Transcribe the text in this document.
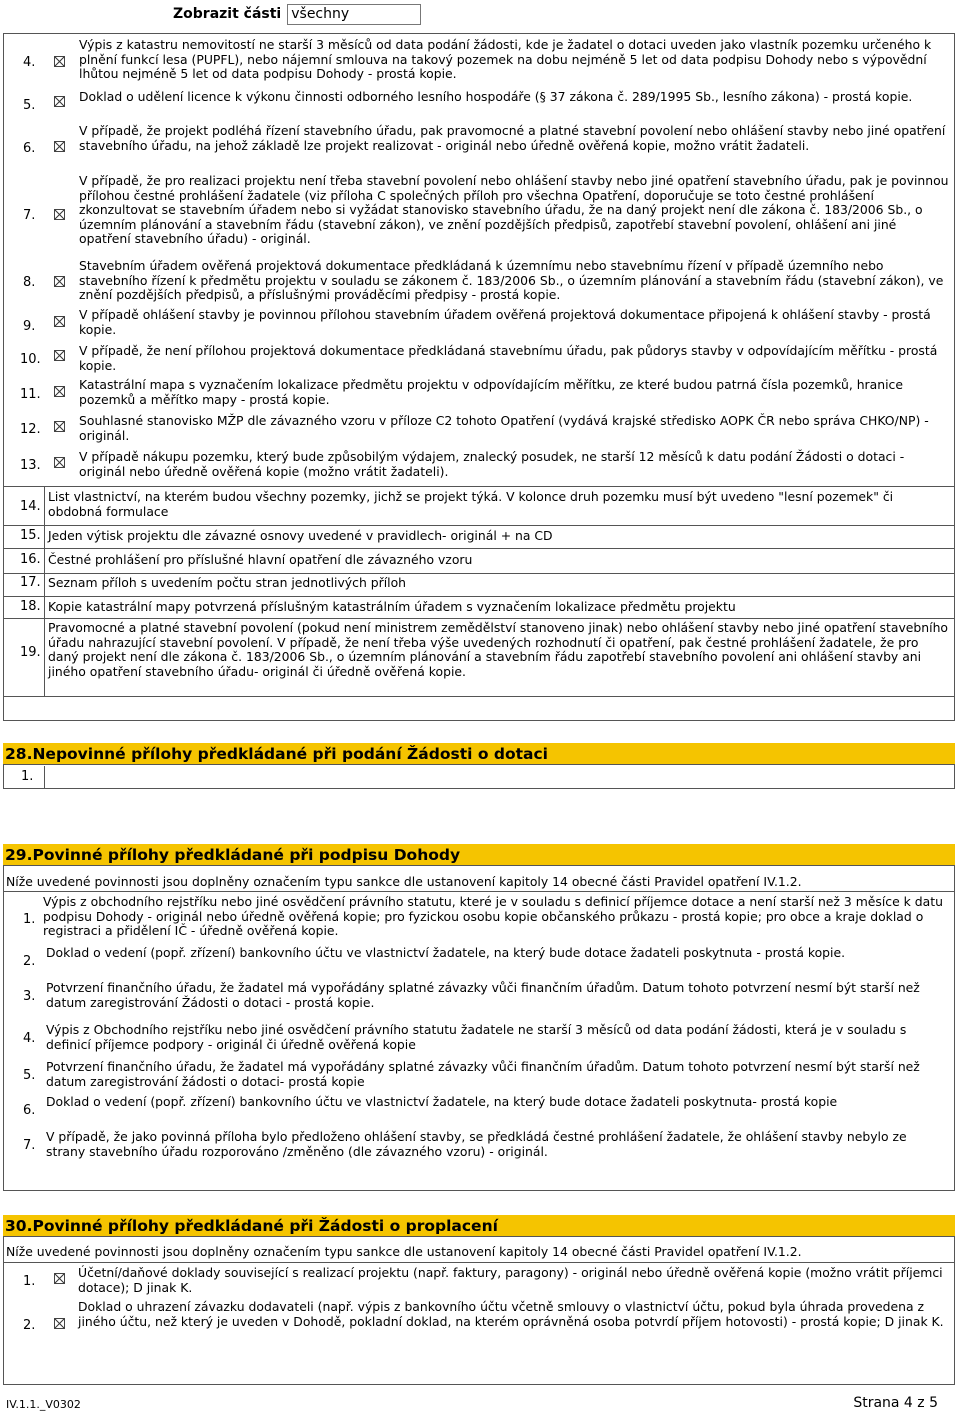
Zobrazit části všechny
4.
Výpis z katastru nemovitostí ne starší 3 měsíců od data podání žádosti, kde je žadatel o dotaci uveden jako vlastník pozemku určeného k plnění funkcí lesa (PUPFL), nebo nájemní smlouva na takový pozemek na dobu nejméně 5 let od data podpisu Dohody nebo s výpovědní lhůtou nejméně 5 let od data podpisu Dohody - prostá kopie.
5.
Doklad o udělení licence k výkonu činnosti odborného lesního hospodáře (§ 37 zákona č. 289/1995 Sb., lesního zákona) - prostá kopie.
6.
V případě, že projekt podléhá řízení stavebního úřadu, pak pravomocné a platné stavební povolení nebo ohlášení stavby nebo jiné opatření stavebního úřadu, na jehož základě lze projekt realizovat - originál nebo úředně ověřená kopie, možno vrátit žadateli.
7.
V případě, že pro realizaci projektu není třeba stavební povolení nebo ohlášení stavby nebo jiné opatření stavebního úřadu, pak je povinnou přílohou čestné prohlášení žadatele (viz příloha C společných příloh pro všechna Opatření, doporučuje se toto čestné prohlášení zkonzultovat se stavebním úřadem nebo si vyžádat stanovisko stavebního úřadu, že na daný projekt není dle zákona č. 183/2006 Sb., o územním plánování a stavebním řádu (stavební zákon), ve znění pozdějších předpisů, zapotřebí stavební povolení, ohlášení ani jiné opatření stavebního úřadu) - originál.
8.
Stavebním úřadem ověřená projektová dokumentace předkládaná k územnímu nebo stavebnímu řízení v případě územního nebo stavebního řízení k předmětu projektu v souladu se zákonem č. 183/2006 Sb., o územním plánování a stavebním řádu (stavební zákon), ve znění pozdějších předpisů, a příslušnými prováděcími předpisy - prostá kopie.
9.
V případě ohlášení stavby je povinnou přílohou stavebním úřadem ověřená projektová dokumentace připojená k ohlášení stavby - prostá kopie.
10.
V případě, že není přílohou projektová dokumentace předkládaná stavebnímu úřadu, pak půdorys stavby v odpovídajícím měřítku - prostá kopie.
11.
Katastrální mapa s vyznačením lokalizace předmětu projektu v odpovídajícím měřítku, ze které budou patrná čísla pozemků, hranice pozemků a měřítko mapy - prostá kopie.
12.
Souhlasné stanovisko MŽP dle závazného vzoru v příloze C2 tohoto Opatření (vydává krajské středisko AOPK ČR nebo správa CHKO/NP) - originál.
13.
V případě nákupu pozemku, který bude způsobilým výdajem, znalecký posudek, ne starší 12 měsíců k datu podání Žádosti o dotaci - originál nebo úředně ověřená kopie (možno vrátit žadateli).
14.
List vlastnictví, na kterém budou všechny pozemky, jichž se projekt týká. V koloncе druh pozemku musí být uvedeno "lesní pozemek" či obdobná formulace
15. Jeden výtisk projektu dle závazné osnovy uvedené v pravidlech- originál + na CD
16. Čestné prohlášení pro příslušné hlavní opatření dle závazného vzoru
17. Seznam příloh s uvedením počtu stran jednotlivých příloh
18. Kopie katastrální mapy potvrzená příslušným katastrálním úřadem s vyznačením lokalizace předmětu projektu
19.
Pravomocné a platné stavební povolení (pokud není ministrem zemědělství stanoveno jinak) nebo ohlášení stavby nebo jiné opatření stavebního úřadu nahrazující stavební povolení. V případě, že není třeba výše uvedených rozhodnutí či opatření, pak čestné prohlášení žadatele, že pro daný projekt není dle zákona č. 183/2006 Sb., o územním plánování a stavebním řádu zapotřebí stavebního povolení ani ohlášení stavby ani jiného opatření stavebního úřadu- originál či úředně ověřená kopie.
28.Nepovinné přílohy předkládané při podání Žádosti o dotaci
1.
29.Povinné přílohy předkládané při podpisu Dohody
Níže uvedené povinnosti jsou doplněny označením typu sankce dle ustanovení kapitoly 14 obecné části Pravidel opatření IV.1.2.
1.
Výpis z obchodního rejstříku nebo jiné osvědčení právního statutu, které je v souladu s definicí příjemce dotace a není starší než 3 měsíce k datu podpisu Dohody - originál nebo úředně ověřená kopie; pro fyzickou osobu kopie občanského průkazu - prostá kopie; pro obce a kraje doklad o registraci a přidělení IČ - úředně ověřená kopie.
2.
Doklad o vedení (popř. zřízení) bankovního účtu ve vlastnictví žadatele, na který bude dotace žadateli poskytnuta - prostá kopie.
3.
Potvrzení finančního úřadu, že žadatel má vypořádány splatné závazky vůči finančním úřadům. Datum tohoto potvrzení nesmí být starší než datum zaregistrování Žádosti o dotaci - prostá kopie.
4.
Výpis z Obchodního rejstříku nebo jiné osvědčení právního statutu žadatele ne starší 3 měsíců od data podání žádosti, která je v souladu s definicí příjemce podpory - originál či úředně ověřená kopie
5.
Potvrzení finančního úřadu, že žadatel má vypořádány splatné závazky vůči finančním úřadům. Datum tohoto potvrzení nesmí být starší než datum zaregistrování žádosti o dotaci- prostá kopie
6.
Doklad o vedení (popř. zřízení) bankovního účtu ve vlastnictví žadatele, na který bude dotace žadateli poskytnuta- prostá kopie
7.
V případě, že jako povinná příloha bylo předloženo ohlášení stavby, se předkládá čestné prohlášení žadatele, že ohlášení stavby nebylo ze strany stavebního úřadu rozporováno /změněno (dle závazného vzoru) - originál.
30.Povinné přílohy předkládané při Žádosti o proplacení
Níže uvedené povinnosti jsou doplněny označením typu sankce dle ustanovení kapitoly 14 obecné části Pravidel opatření IV.1.2.
1.
Účetní/daňové doklady související s realizací projektu (např. faktury, paragony) - originál nebo úředně ověřená kopie (možno vrátit příjemci dotace); D jinak K.
2.
Doklad o uhrazení závazku dodavateli (např. výpis z bankovního účtu včetně smlouvy o vlastnictví účtu, pokud byla úhrada provedena z jiného účtu, než který je uveden v Dohodě, pokladní doklad, na kterém oprávněná osoba potvrdí příjem hotovosti) - prostá kopie; D jinak K.
IV.1.1._V0302	Strana 4 z 5
